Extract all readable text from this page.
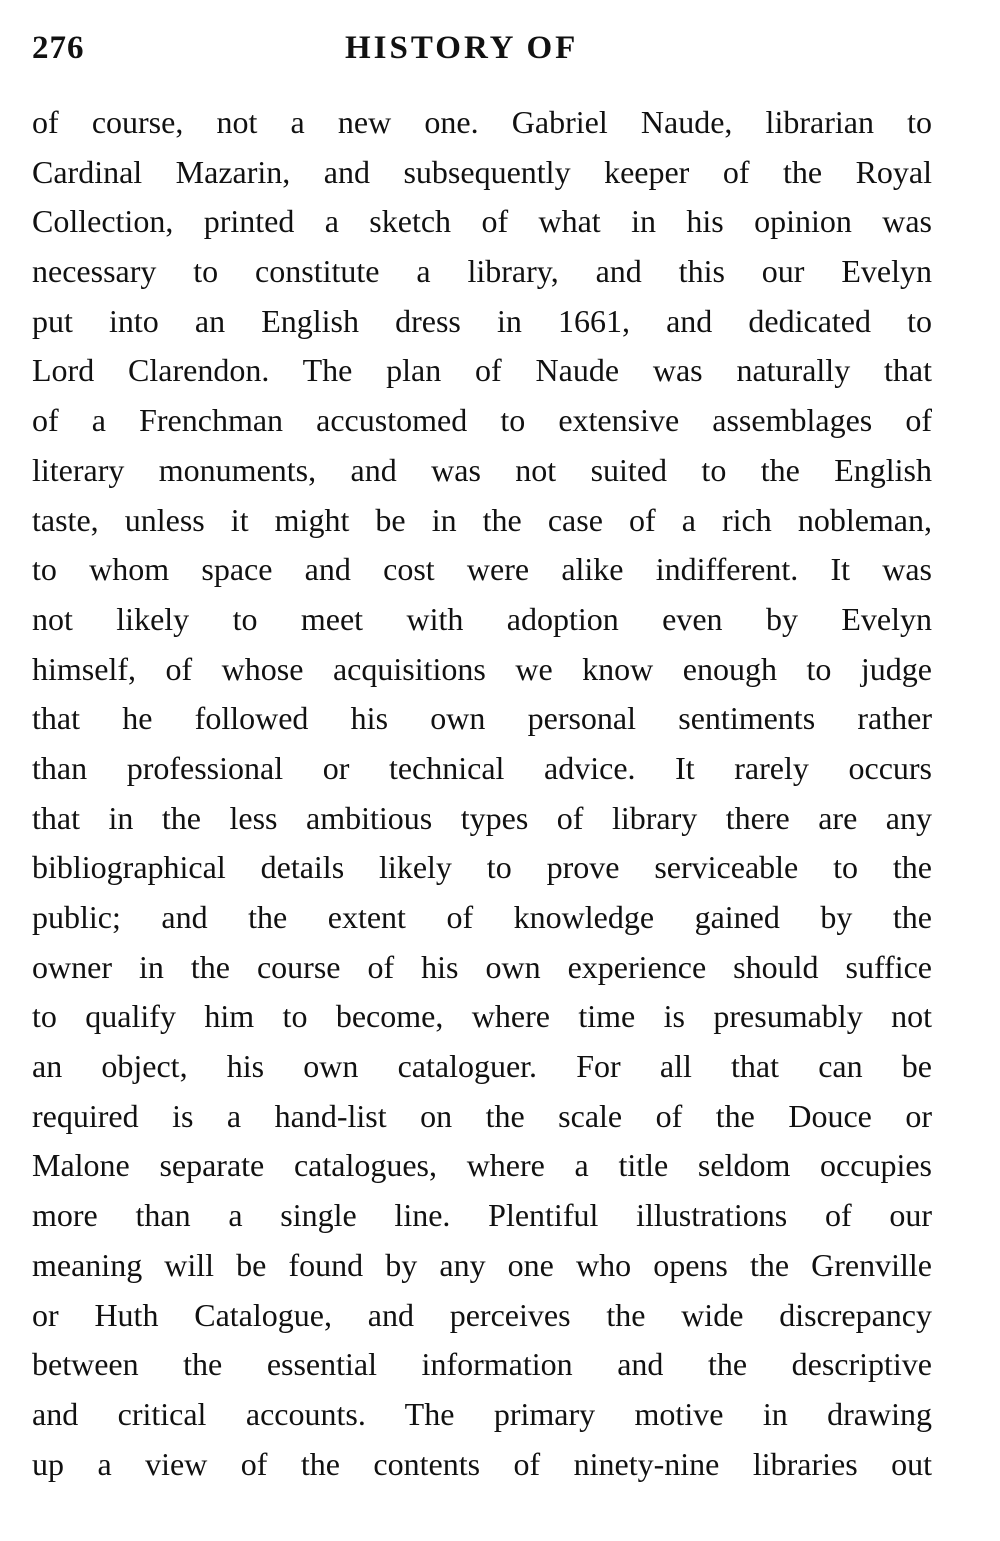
276	HISTORY OF
of course, not a new one. Gabriel Naude, librarian to
Cardinal Mazarin, and subsequently keeper of the Royal
Collection, printed a sketch of what in his opinion was
necessary to constitute a library, and this our Evelyn
put into an English dress in 1661, and dedicated to
Lord Clarendon. The plan of Naude was naturally that
of a Frenchman accustomed to extensive assemblages of
literary monuments, and was not suited to the English
taste, unless it might be in the case of a rich nobleman,
to whom space and cost were alike indifferent. It was
not likely to meet with adoption even by Evelyn
himself, of whose acquisitions we know enough to judge
that he followed his own personal sentiments rather
than professional or technical advice. It rarely occurs
that in the less ambitious types of library there are any
bibliographical details likely to prove serviceable to the
public; and the extent of knowledge gained by the
owner in the course of his own experience should suffice
to qualify him to become, where time is presumably not
an object, his own cataloguer. For all that can be
required is a hand-list on the scale of the Douce or
Malone separate catalogues, where a title seldom occupies
more than a single line. Plentiful illustrations of our
meaning will be found by any one who opens the Grenville
or Huth Catalogue, and perceives the wide discrepancy
between the essential information and the descriptive
and critical accounts. The primary motive in drawing
up a view of the contents of ninety-nine libraries out
